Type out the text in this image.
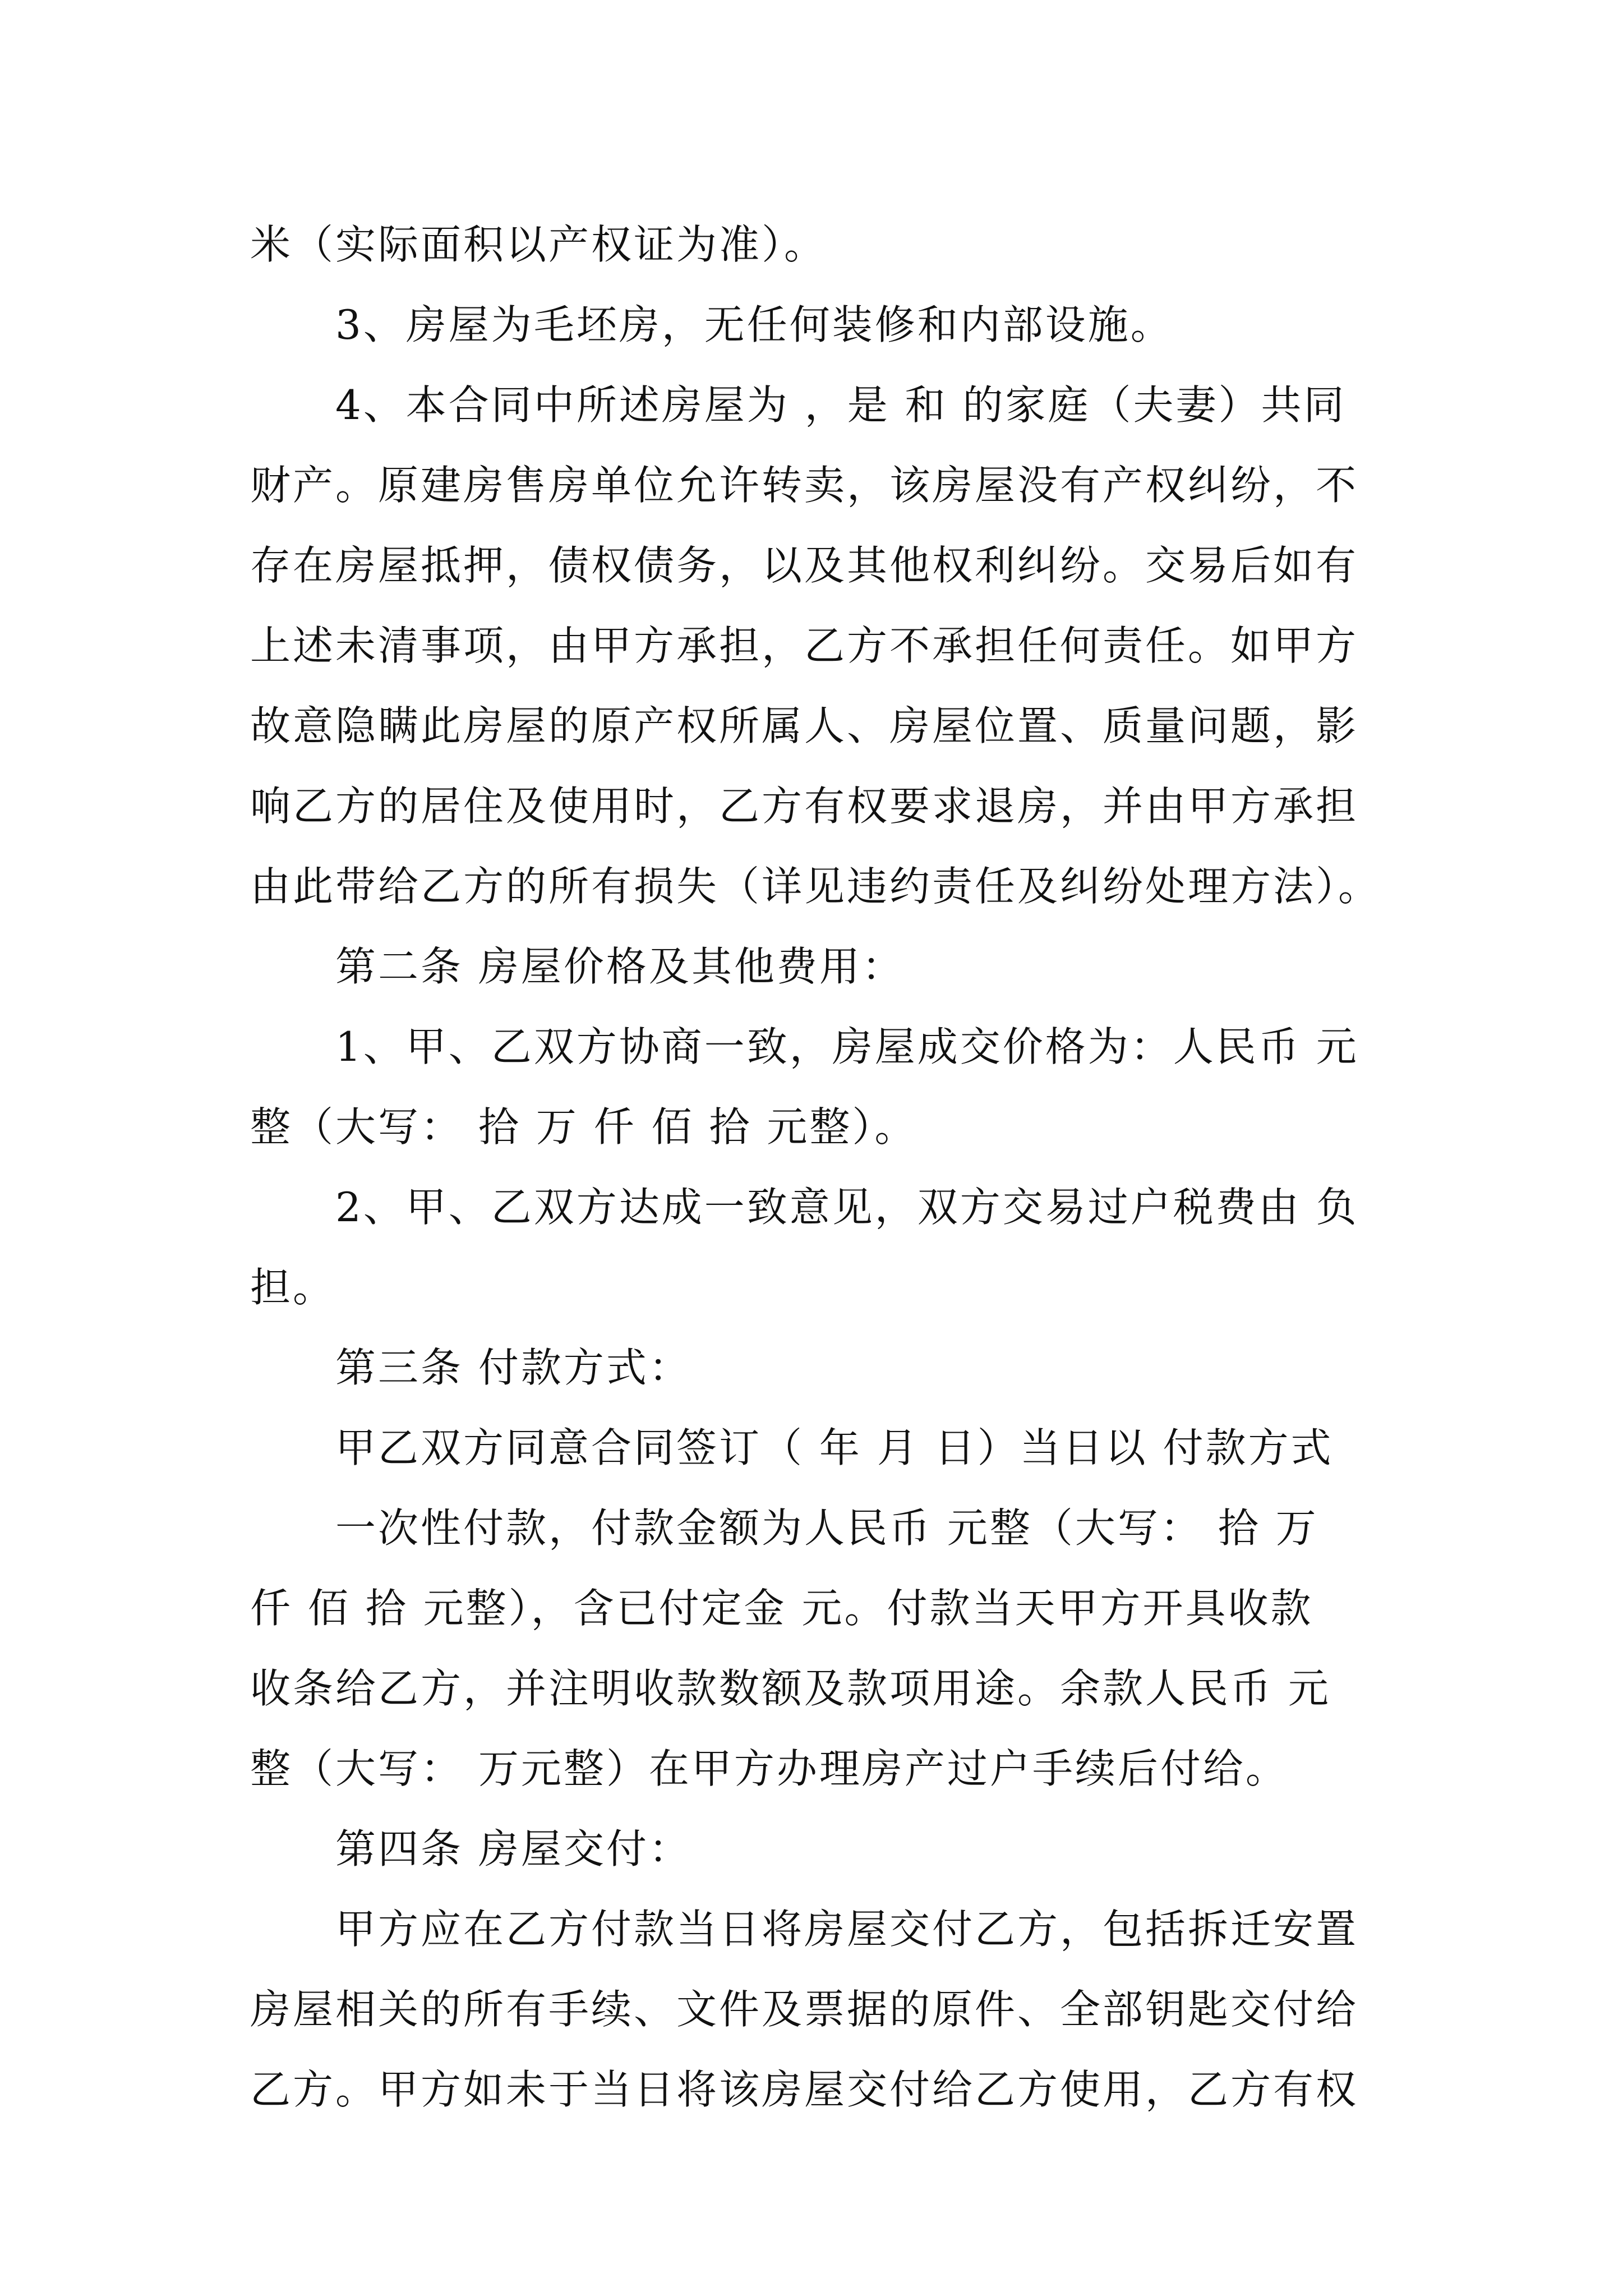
米（实际面积以产权证为准）。
3、房屋为毛坯房，无任何装修和内部设施。
4、本合同中所述房屋为 ，是 和 的家庭（夫妻）共同
财产。原建房售房单位允许转卖，该房屋没有产权纠纷，不
存在房屋抵押，债权债务，以及其他权利纠纷。交易后如有
上述未清事项，由甲方承担，乙方不承担任何责任。如甲方
故意隐瞒此房屋的原产权所属人、房屋位置、质量问题，影
响乙方的居住及使用时，乙方有权要求退房，并由甲方承担
由此带给乙方的所有损失（详见违约责任及纠纷处理方法）。
第二条 房屋价格及其他费用：
1、甲、乙双方协商一致，房屋成交价格为：人民币 元
整（大写： 拾 万 仟 佰 拾 元整）。
2、甲、乙双方达成一致意见，双方交易过户税费由 负
担。
第三条 付款方式：
甲乙双方同意合同签订（ 年 月 日）当日以 付款方式
一次性付款，付款金额为人民币 元整（大写： 拾 万
仟 佰 拾 元整），含已付定金 元。付款当天甲方开具收款
收条给乙方，并注明收款数额及款项用途。余款人民币 元
整（大写： 万元整）在甲方办理房产过户手续后付给。
第四条 房屋交付：
甲方应在乙方付款当日将房屋交付乙方，包括拆迁安置
房屋相关的所有手续、文件及票据的原件、全部钥匙交付给
乙方。甲方如未于当日将该房屋交付给乙方使用，乙方有权
